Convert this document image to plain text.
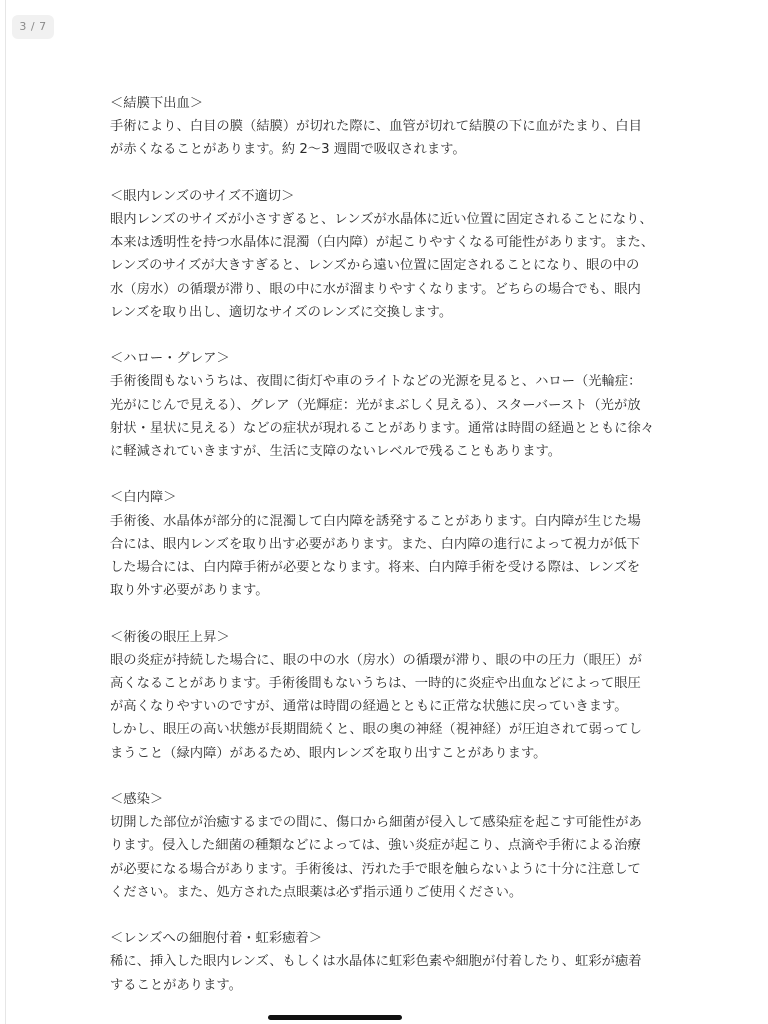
3 / 7
＜結膜下出血＞
手術により、白目の膜（結膜）が切れた際に、血管が切れて結膜の下に血がたまり、白目
が赤くなることがあります。約 2〜3 週間で吸収されます。
＜眼内レンズのサイズ不適切＞
眼内レンズのサイズが小さすぎると、レンズが水晶体に近い位置に固定されることになり、
本来は透明性を持つ水晶体に混濁（白内障）が起こりやすくなる可能性があります。また、
レンズのサイズが大きすぎると、レンズから遠い位置に固定されることになり、眼の中の
水（房水）の循環が滞り、眼の中に水が溜まりやすくなります。どちらの場合でも、眼内
レンズを取り出し、適切なサイズのレンズに交換します。
＜ハロー・グレア＞
手術後間もないうちは、夜間に街灯や車のライトなどの光源を見ると、ハロー（光輪症：
光がにじんで見える）、グレア（光輝症：光がまぶしく見える）、スターバースト（光が放
射状・星状に見える）などの症状が現れることがあります。通常は時間の経過とともに徐々
に軽減されていきますが、生活に支障のないレベルで残ることもあります。
＜白内障＞
手術後、水晶体が部分的に混濁して白内障を誘発することがあります。白内障が生じた場
合には、眼内レンズを取り出す必要があります。また、白内障の進行によって視力が低下
した場合には、白内障手術が必要となります。将来、白内障手術を受ける際は、レンズを
取り外す必要があります。
＜術後の眼圧上昇＞
眼の炎症が持続した場合に、眼の中の水（房水）の循環が滞り、眼の中の圧力（眼圧）が
高くなることがあります。手術後間もないうちは、一時的に炎症や出血などによって眼圧
が高くなりやすいのですが、通常は時間の経過とともに正常な状態に戻っていきます。
しかし、眼圧の高い状態が長期間続くと、眼の奥の神経（視神経）が圧迫されて弱ってし
まうこと（緑内障）があるため、眼内レンズを取り出すことがあります。
＜感染＞
切開した部位が治癒するまでの間に、傷口から細菌が侵入して感染症を起こす可能性があ
ります。侵入した細菌の種類などによっては、強い炎症が起こり、点滴や手術による治療
が必要になる場合があります。手術後は、汚れた手で眼を触らないように十分に注意して
ください。また、処方された点眼薬は必ず指示通りご使用ください。
＜レンズへの細胞付着・虹彩癒着＞
稀に、挿入した眼内レンズ、もしくは水晶体に虹彩色素や細胞が付着したり、虹彩が癒着
することがあります。
